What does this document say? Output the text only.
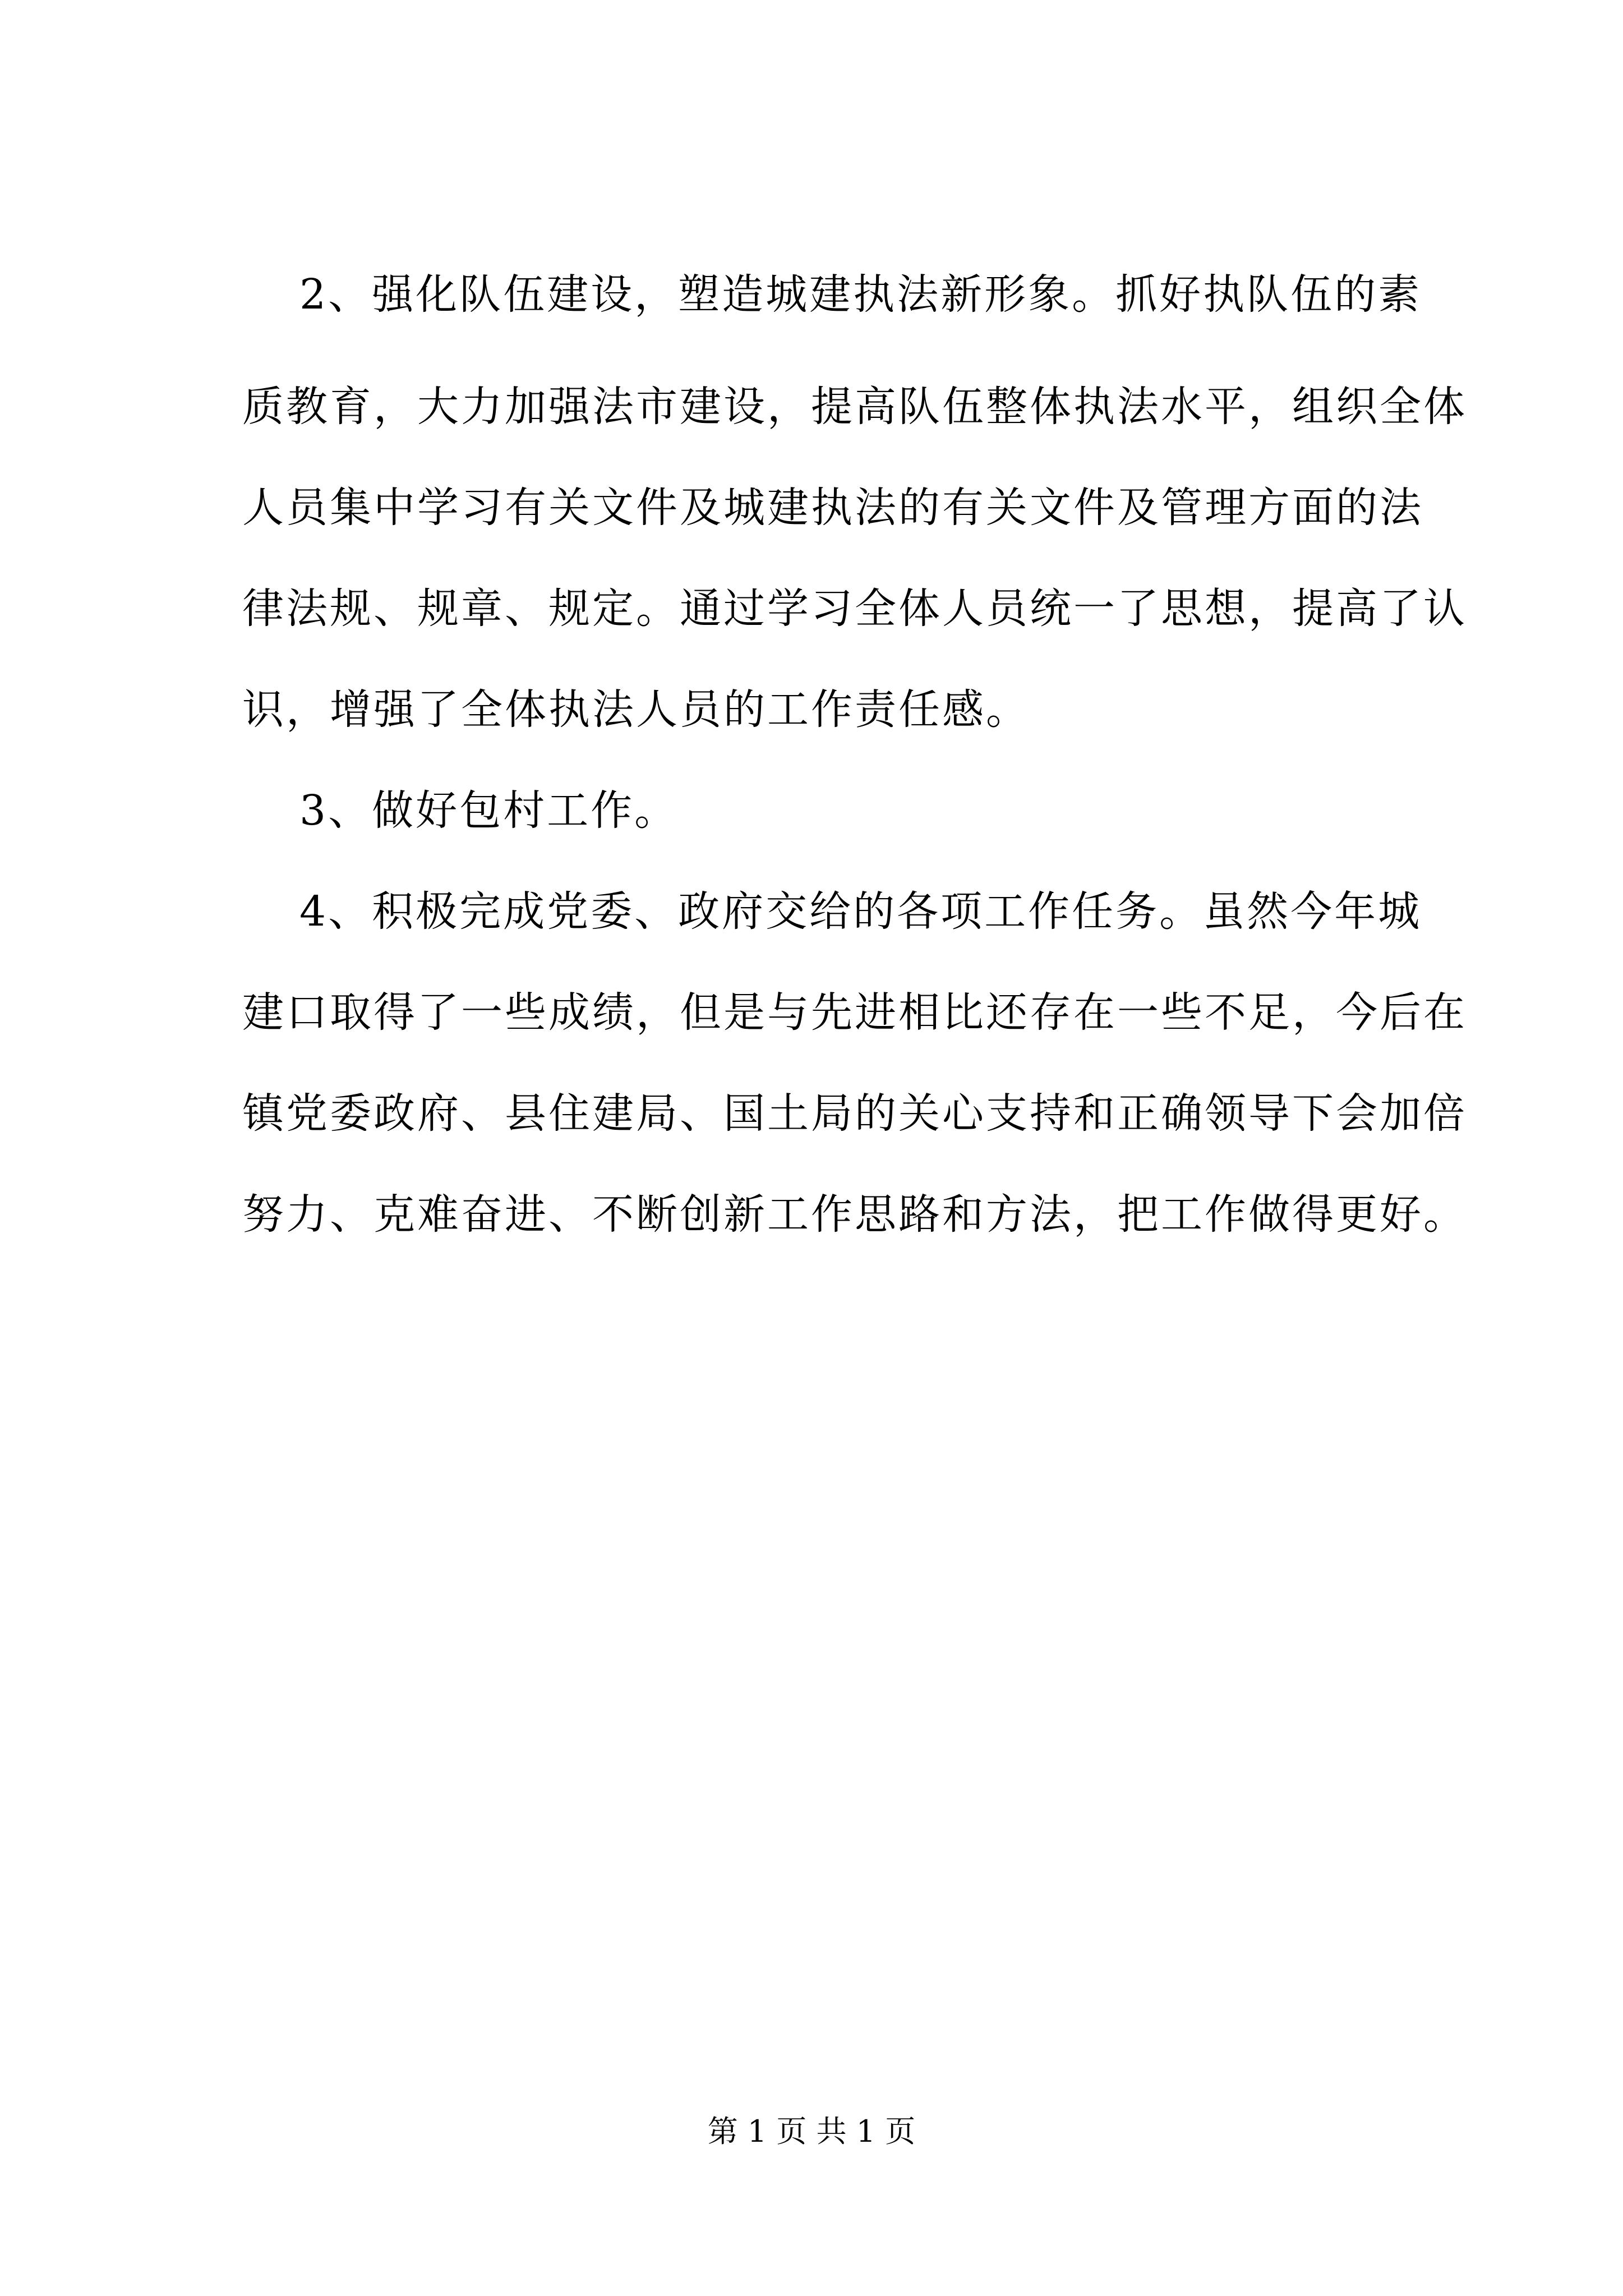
2、强化队伍建设，塑造城建执法新形象。抓好执队伍的素
质教育，大力加强法市建设，提高队伍整体执法水平，组织全体
人员集中学习有关文件及城建执法的有关文件及管理方面的法
律法规、规章、规定。通过学习全体人员统一了思想，提高了认
识，增强了全体执法人员的工作责任感。
3、做好包村工作。
4、积极完成党委、政府交给的各项工作任务。虽然今年城
建口取得了一些成绩，但是与先进相比还存在一些不足，今后在
镇党委政府、县住建局、国土局的关心支持和正确领导下会加倍
努力、克难奋进、不断创新工作思路和方法，把工作做得更好。
第 1 页 共 1 页
